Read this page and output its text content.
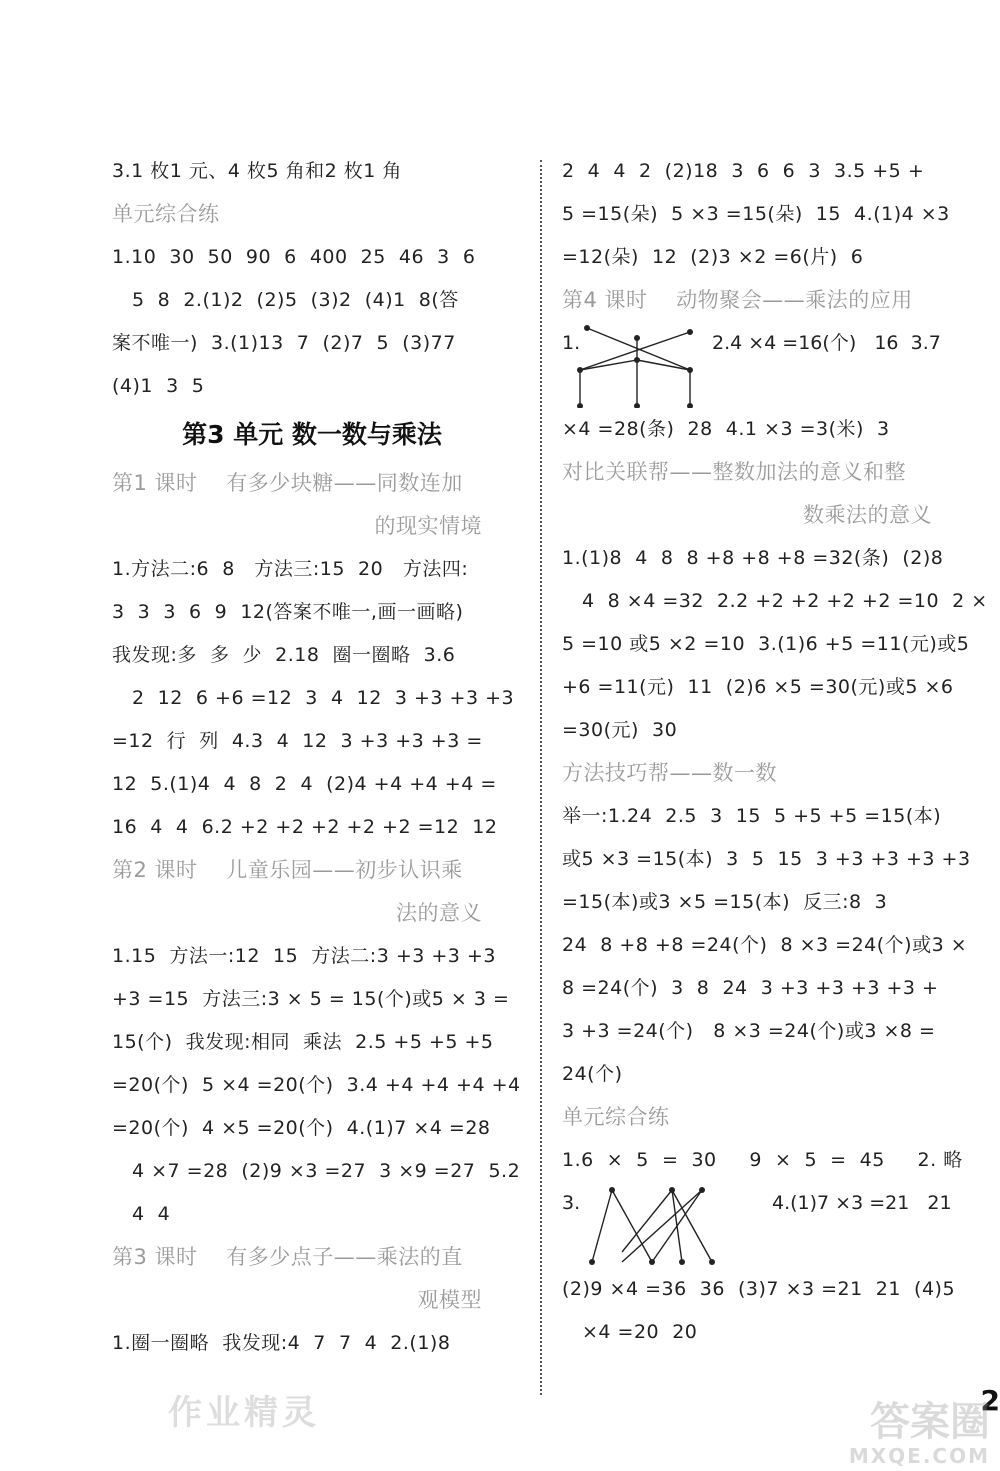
3.1 枚1 元、4 枚5 角和2 枚1 角
单元综合练
1.10  30  50  90  6  400  25  46  3  6
5  8  2.(1)2  (2)5  (3)2  (4)1  8(答
案不唯一)  3.(1)13  7  (2)7  5  (3)77
(4)1  3  5
第3 单元 数一数与乘法
第1 课时    有多少块糖——同数连加
的现实情境
1.方法二:6  8   方法三:15  20   方法四:
3  3  3  6  9  12(答案不唯一,画一画略)
我发现:多  多  少  2.18  圈一圈略  3.6
2  12  6 +6 =12  3  4  12  3 +3 +3 +3
=12  行  列  4.3  4  12  3 +3 +3 +3 =
12  5.(1)4  4  8  2  4  (2)4 +4 +4 +4 =
16  4  4  6.2 +2 +2 +2 +2 +2 =12  12
第2 课时    儿童乐园——初步认识乘
法的意义
1.15  方法一:12  15  方法二:3 +3 +3 +3
+3 =15  方法三:3 × 5 = 15(个)或5 × 3 =
15(个)  我发现:相同  乘法  2.5 +5 +5 +5
=20(个)  5 ×4 =20(个)  3.4 +4 +4 +4 +4
=20(个)  4 ×5 =20(个)  4.(1)7 ×4 =28
4 ×7 =28  (2)9 ×3 =27  3 ×9 =27  5.2
4  4
第3 课时    有多少点子——乘法的直
观模型
1.圈一圈略  我发现:4  7  7  4  2.(1)8
2  4  4  2  (2)18  3  6  6  3  3.5 +5 +
5 =15(朵)  5 ×3 =15(朵)  15  4.(1)4 ×3
=12(朵)  12  (2)3 ×2 =6(片)  6
第4 课时    动物聚会——乘法的应用
1.	2.4 ×4 =16(个)   16  3.7
×4 =28(条)  28  4.1 ×3 =3(米)  3
对比关联帮——整数加法的意义和整
数乘法的意义
1.(1)8  4  8  8 +8 +8 +8 =32(条)  (2)8
4  8 ×4 =32  2.2 +2 +2 +2 +2 =10  2 ×
5 =10 或5 ×2 =10  3.(1)6 +5 =11(元)或5
+6 =11(元)  11  (2)6 ×5 =30(元)或5 ×6
=30(元)  30
方法技巧帮——数一数
举一:1.24  2.5  3  15  5 +5 +5 =15(本)
或5 ×3 =15(本)  3  5  15  3 +3 +3 +3 +3
=15(本)或3 ×5 =15(本)  反三:8  3
24  8 +8 +8 =24(个)  8 ×3 =24(个)或3 ×
8 =24(个)  3  8  24  3 +3 +3 +3 +3 +
3 +3 =24(个)   8 ×3 =24(个)或3 ×8 =
24(个)
单元综合练
1.6  ×  5  =  30     9  ×  5  =  45     2. 略
3.	4.(1)7 ×3 =21   21
(2)9 ×4 =36  36  (3)7 ×3 =21  21  (4)5
×4 =20  20
作业精灵	2
答案圈
MXQE.COM
